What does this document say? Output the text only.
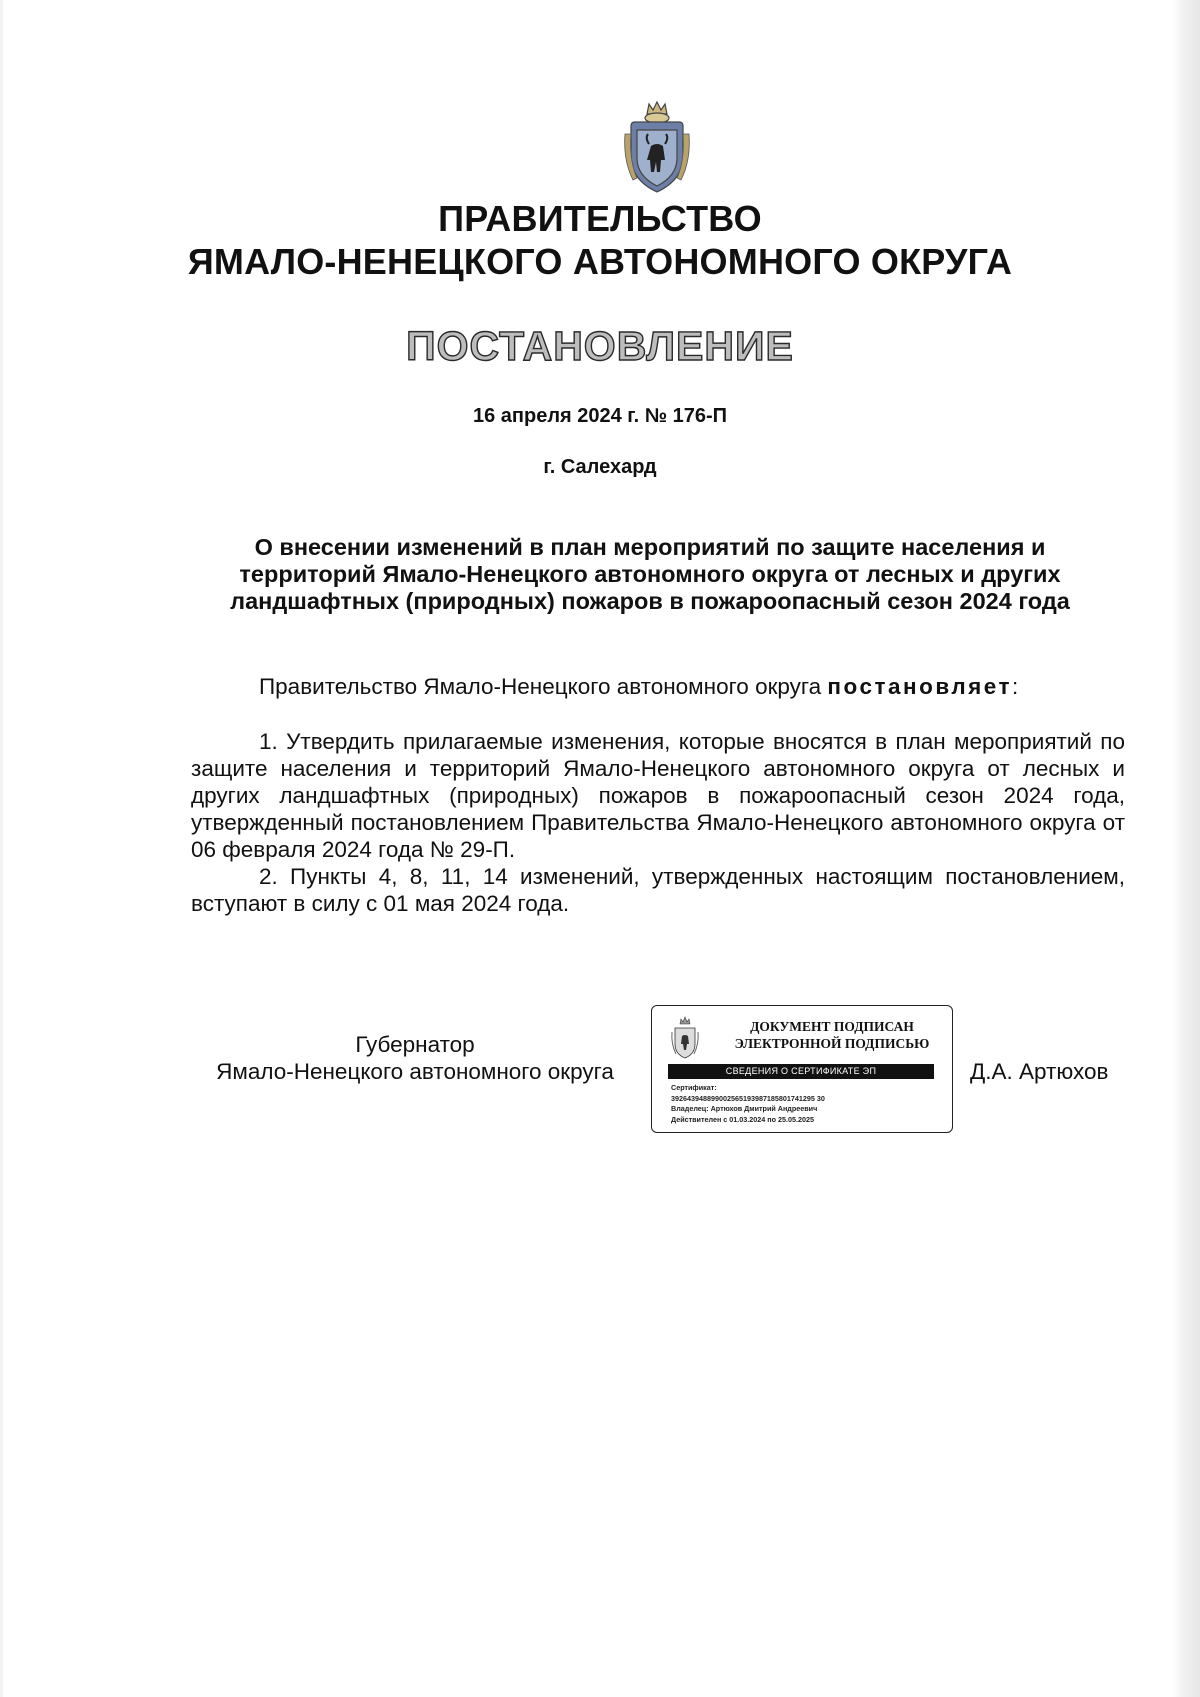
ПРАВИТЕЛЬСТВО
ЯМАЛО-НЕНЕЦКОГО АВТОНОМНОГО ОКРУГА
ПОСТАНОВЛЕНИЕ
16 апреля 2024 г. № 176-П
г. Салехард
О внесении изменений в план мероприятий по защите населения и
территорий Ямало-Ненецкого автономного округа от лесных и других
ландшафтных (природных) пожаров в пожароопасный сезон 2024 года
Правительство Ямало-Ненецкого автономного округа постановляет:

1. Утвердить прилагаемые изменения, которые вносятся в план мероприятий по защите населения и территорий Ямало-Ненецкого автономного округа от лесных и других ландшафтных (природных) пожаров в пожароопасный сезон 2024 года, утвержденный постановлением Правительства Ямало-Ненецкого автономного округа от 06 февраля 2024 года № 29-П.

2. Пункты 4, 8, 11, 14 изменений, утвержденных настоящим постановлением, вступают в силу с 01 мая 2024 года.

Губернатор
Ямало-Ненецкого автономного округа
ДОКУМЕНТ ПОДПИСАН
ЭЛЕКТРОННОЙ ПОДПИСЬЮ
СВЕДЕНИЯ О СЕРТИФИКАТЕ ЭП
Сертификат:
392643948899002565193987185801741295 30
Владелец: Артюхов Дмитрий Андреевич
Действителен с 01.03.2024 по 25.05.2025
Д.А. Артюхов
